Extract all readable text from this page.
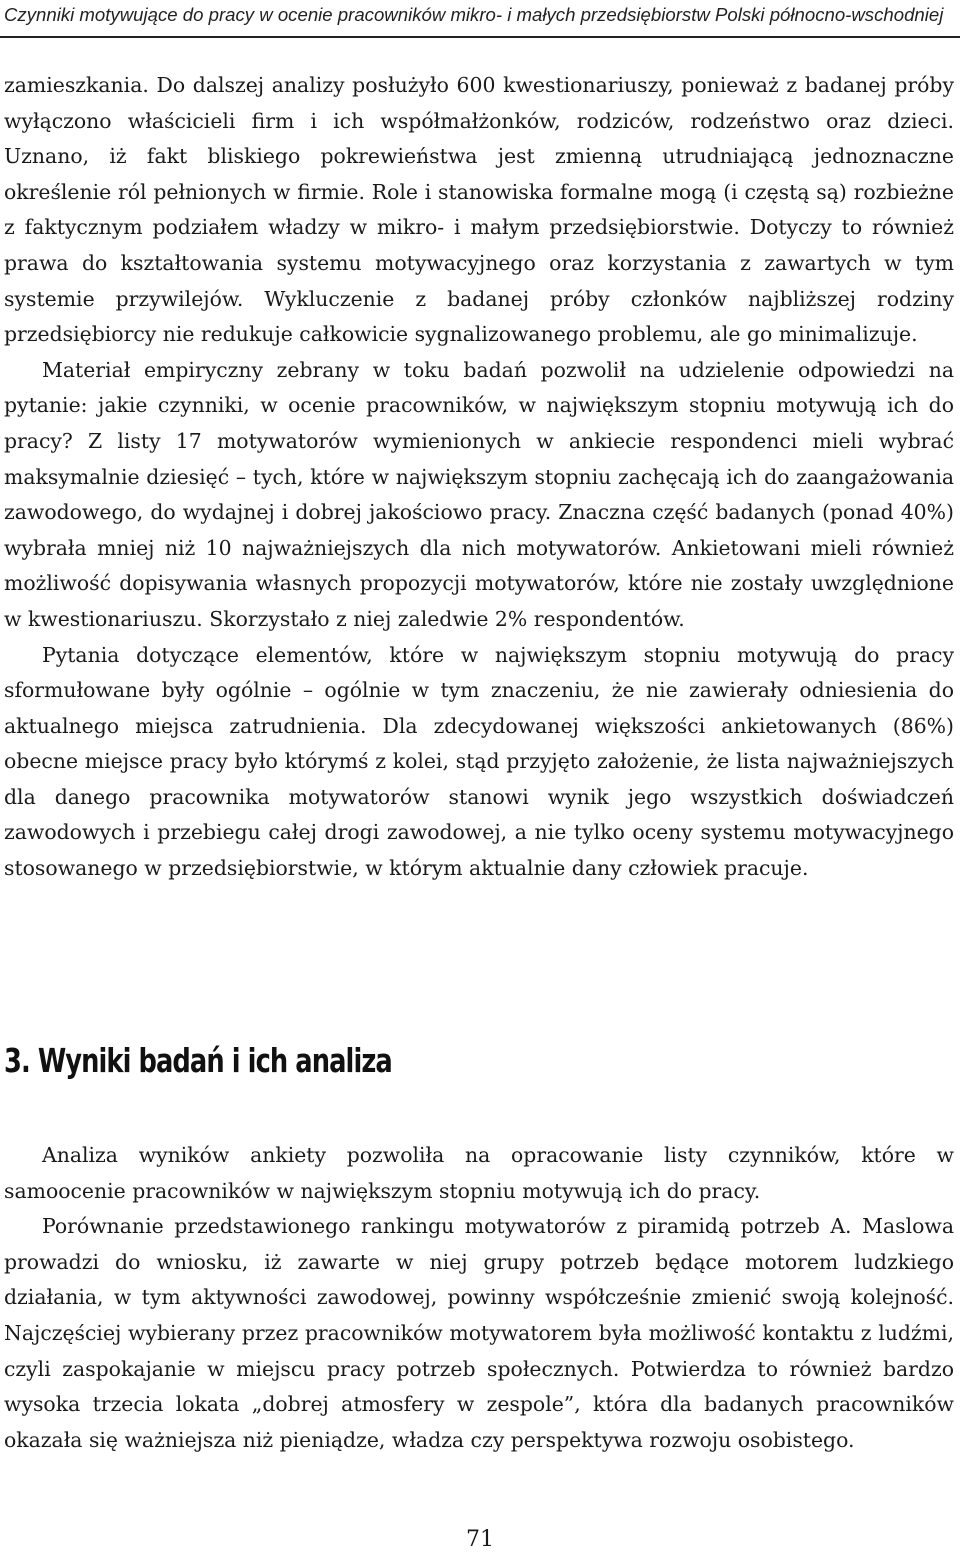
Czynniki motywujące do pracy w ocenie pracowników mikro- i małych przedsiębiorstw Polski północno-wschodniej

zamieszkania. Do dalszej analizy posłużyło 600 kwestionariuszy, ponieważ z badanej próby wyłączono właścicieli firm i ich współmałżonków, rodziców, rodzeństwo oraz dzieci. Uznano, iż fakt bliskiego pokrewieństwa jest zmienną utrudniającą jednoznaczne określenie ról pełnionych w firmie. Role i stanowiska formalne mogą (i częstą są) rozbieżne z faktycznym podziałem władzy w mikro- i małym przedsiębiorstwie. Dotyczy to również prawa do kształtowania systemu motywacyjnego oraz korzystania z zawartych w tym systemie przywilejów. Wykluczenie z badanej próby członków najbliższej rodziny przedsiębiorcy nie redukuje całkowicie sygnalizowanego problemu, ale go minimalizuje.

Materiał empiryczny zebrany w toku badań pozwolił na udzielenie odpowiedzi na pytanie: jakie czynniki, w ocenie pracowników, w największym stopniu motywują ich do pracy? Z listy 17 motywatorów wymienionych w ankiecie respondenci mieli wybrać maksymalnie dziesięć – tych, które w największym stopniu zachęcają ich do zaangażowania zawodowego, do wydajnej i dobrej jakościowo pracy. Znaczna część badanych (ponad 40%) wybrała mniej niż 10 najważniejszych dla nich motywatorów. Ankietowani mieli również możliwość dopisywania własnych propozycji motywatorów, które nie zostały uwzględnione w kwestionariuszu. Skorzystało z niej zaledwie 2% respondentów.

Pytania dotyczące elementów, które w największym stopniu motywują do pracy sformułowane były ogólnie – ogólnie w tym znaczeniu, że nie zawierały odniesienia do aktualnego miejsca zatrudnienia. Dla zdecydowanej większości ankietowanych (86%) obecne miejsce pracy było którymś z kolei, stąd przyjęto założenie, że lista najważniejszych dla danego pracownika motywatorów stanowi wynik jego wszystkich doświadczeń zawodowych i przebiegu całej drogi zawodowej, a nie tylko oceny systemu motywacyjnego stosowanego w przedsiębiorstwie, w którym aktualnie dany człowiek pracuje.

3. Wyniki badań i ich analiza

Analiza wyników ankiety pozwoliła na opracowanie listy czynników, które w samoocenie pracowników w największym stopniu motywują ich do pracy.

Porównanie przedstawionego rankingu motywatorów z piramidą potrzeb A. Maslowa prowadzi do wniosku, iż zawarte w niej grupy potrzeb będące motorem ludzkiego działania, w tym aktywności zawodowej, powinny współcześnie zmienić swoją kolejność. Najczęściej wybierany przez pracowników motywatorem była możliwość kontaktu z ludźmi, czyli zaspokajanie w miejscu pracy potrzeb społecznych. Potwierdza to również bardzo wysoka trzecia lokata „dobrej atmosfery w zespole”, która dla badanych pracowników okazała się ważniejsza niż pieniądze, władza czy perspektywa rozwoju osobistego.

71
